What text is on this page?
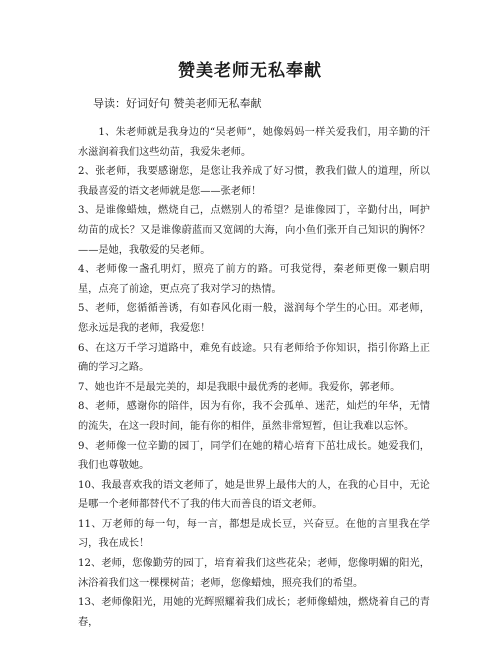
赞美老师无私奉献
导读：好词好句 赞美老师无私奉献

1、朱老师就是我身边的“吴老师”，她像妈妈一样关爱我们，用辛勤的汗水滋润着我们这些幼苗，我爱朱老师。

2、张老师，我要感谢您，是您让我养成了好习惯，教我们做人的道理，所以我最喜爱的语文老师就是您——张老师！

3、是谁像蜡烛，燃烧自己，点燃别人的希望？是谁像园丁，辛勤付出，呵护幼苗的成长？又是谁像蔚蓝而又宽阔的大海，向小鱼们张开自己知识的胸怀？——是她，我敬爱的吴老师。

4、老师像一盏孔明灯，照亮了前方的路。可我觉得，秦老师更像一颗启明星，点亮了前途，更点亮了我对学习的热情。

5、老师，您循循善诱，有如春风化雨一般，滋润每个学生的心田。邓老师，您永远是我的老师，我爱您！

6、在这万千学习道路中，难免有歧途。只有老师给予你知识，指引你路上正确的学习之路。

7、她也许不是最完美的，却是我眼中最优秀的老师。我爱你，郭老师。

8、老师，感谢你的陪伴，因为有你，我不会孤单、迷茫，灿烂的年华，无情的流失，在这一段时间，能有你的相伴，虽然非常短暂，但让我难以忘怀。

9、老师像一位辛勤的园丁，同学们在她的精心培育下茁壮成长。她爱我们，我们也尊敬她。

10、我最喜欢我的语文老师了，她是世界上最伟大的人，在我的心目中，无论是哪一个老师都替代不了我的伟大而善良的语文老师。

11、万老师的每一句，每一言，都想是成长豆，兴奋豆。在他的言里我在学习，我在成长！

12、老师，您像勤劳的园丁，培育着我们这些花朵；老师，您像明媚的阳光，沐浴着我们这一棵棵树苗；老师，您像蜡烛，照亮我们的希望。

13、老师像阳光，用她的光辉照耀着我们成长；老师像蜡烛，燃烧着自己的青春，
